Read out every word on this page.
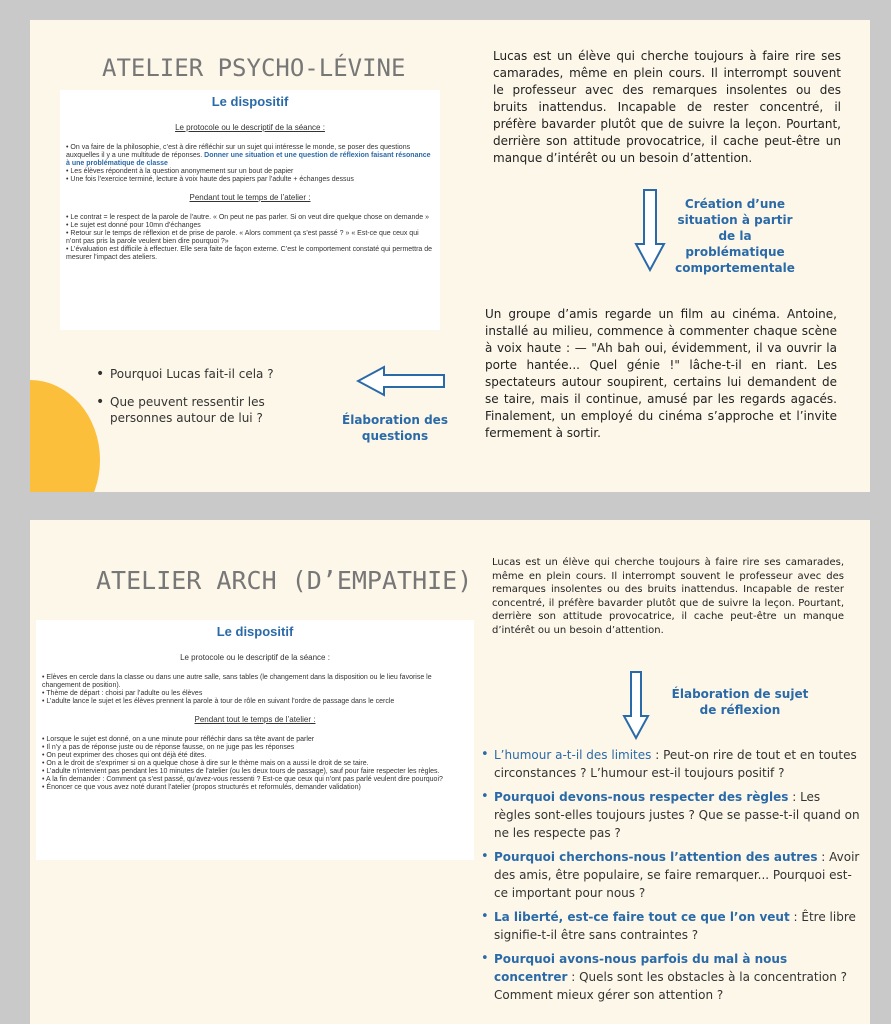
ATELIER PSYCHO-LÉVINE
Le dispositif
Le protocole ou le descriptif de la séance :
• On va faire de la philosophie, c’est à dire réfléchir sur un sujet qui intéresse le monde, se poser des questions auxquelles il y a une multitude de réponses. Donner une situation et une question de réflexion faisant résonance à une problématique de classe
• Les élèves répondent à la question anonymement sur un bout de papier
• Une fois l’exercice terminé, lecture à voix haute des papiers par l’adulte + échanges dessus
Pendant tout le temps de l’atelier :
• Le contrat = le respect de la parole de l’autre. « On peut ne pas parler. Si on veut dire quelque chose on demande »
• Le sujet est donné pour 10mn d’échanges
• Retour sur le temps de réflexion et de prise de parole. « Alors comment ça s’est passé ? » « Est-ce que ceux qui n’ont pas pris la parole veulent bien dire pourquoi ?»
• L’évaluation est difficile à effectuer. Elle sera faite de façon externe. C’est le comportement constaté qui permettra de mesurer l’impact des ateliers.
Lucas est un élève qui cherche toujours à faire rire ses camarades, même en plein cours. Il interrompt souvent le professeur avec des remarques insolentes ou des bruits inattendus. Incapable de rester concentré, il préfère bavarder plutôt que de suivre la leçon. Pourtant, derrière son attitude provocatrice, il cache peut-être un manque d’intérêt ou un besoin d’attention.
Création d’une situation à partir de la problématique comportementale
Un groupe d’amis regarde un film au cinéma. Antoine, installé au milieu, commence à commenter chaque scène à voix haute : — "Ah bah oui, évidemment, il va ouvrir la porte hantée... Quel génie !" lâche-t-il en riant. Les spectateurs autour soupirent, certains lui demandent de se taire, mais il continue, amusé par les regards agacés. Finalement, un employé du cinéma s’approche et l’invite fermement à sortir.
• Pourquoi Lucas fait-il cela ?
• Que peuvent ressentir les personnes autour de lui ?	Élaboration des questions
ATELIER ARCH (D’EMPATHIE)
Le dispositif
Le protocole ou le descriptif de la séance :
• Elèves en cercle dans la classe ou dans une autre salle, sans tables (le changement dans la disposition ou le lieu favorise le changement de position).
• Thème de départ : choisi par l’adulte ou les élèves
• L’adulte lance le sujet et les élèves prennent la parole à tour de rôle en suivant l’ordre de passage dans le cercle
Pendant tout le temps de l’atelier :
• Lorsque le sujet est donné, on a une minute pour réfléchir dans sa tête avant de parler
• Il n’y a pas de réponse juste ou de réponse fausse, on ne juge pas les réponses
• On peut exprimer des choses qui ont déjà été dites.
• On a le droit de s’exprimer si on a quelque chose à dire sur le thème mais on a aussi le droit de se taire.
• L’adulte n’intervient pas pendant les 10 minutes de l’atelier (ou les deux tours de passage), sauf pour faire respecter les règles.
• A la fin demander : Comment ça s’est passé, qu’avez-vous ressenti ? Est-ce que ceux qui n’ont pas parlé veulent dire pourquoi?
• Énoncer ce que vous avez noté durant l’atelier (propos structurés et reformulés, demander validation)
Lucas est un élève qui cherche toujours à faire rire ses camarades, même en plein cours. Il interrompt souvent le professeur avec des remarques insolentes ou des bruits inattendus. Incapable de rester concentré, il préfère bavarder plutôt que de suivre la leçon. Pourtant, derrière son attitude provocatrice, il cache peut-être un manque d’intérêt ou un besoin d’attention.
Élaboration de sujet de réflexion
• L’humour a-t-il des limites : Peut-on rire de tout et en toutes circonstances ? L’humour est-il toujours positif ?
• Pourquoi devons-nous respecter des règles : Les règles sont-elles toujours justes ? Que se passe-t-il quand on ne les respecte pas ?
• Pourquoi cherchons-nous l’attention des autres : Avoir des amis, être populaire, se faire remarquer... Pourquoi est-ce important pour nous ?
• La liberté, est-ce faire tout ce que l’on veut : Être libre signifie-t-il être sans contraintes ?
• Pourquoi avons-nous parfois du mal à nous concentrer : Quels sont les obstacles à la concentration ? Comment mieux gérer son attention ?
